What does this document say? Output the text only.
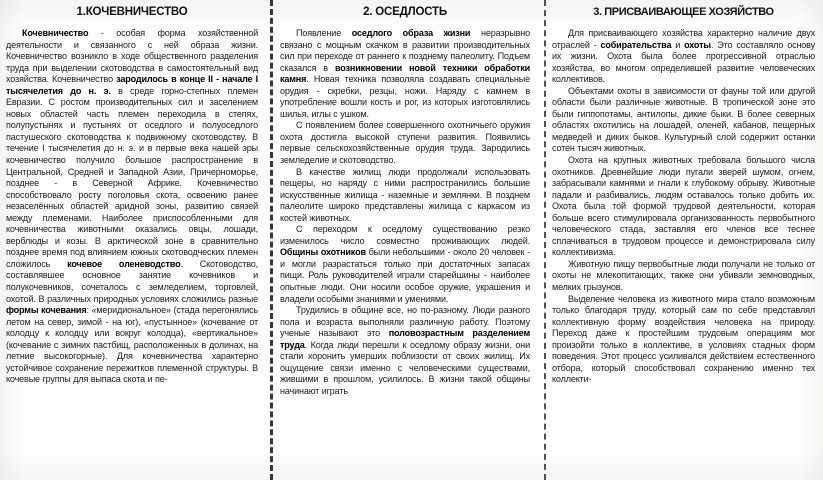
1.КОЧЕВНИЧЕСТВО

Кочевничество - особая форма хозяйственной деятельности и связанного с ней образа жизни. Кочевничество возникло в ходе общественного разделения труда при выделении скотоводства в самостоятельный вид хозяйства. Кочевничество зародилось в конце II - начале I тысячелетия до н. э. в среде горно-степных племен Евразии. С ростом производительных сил и заселением новых областей часть племен переходила в степях, полупустынях и пустынях от оседлого и полуоседлого пастушеского скотоводства к подвижному скотоводству. В течение I тысячелетия до н. э. и в первые века нашей эры кочевничество получило большое распространение в Центральной, Средней и Западной Азии, Причерноморье, позднее - в Северной Африке. Кочевничество способствовало росту поголовья скота, освоению ранее незаселённых областей аридной зоны, развитию связей между племенами. Наиболее приспособленными для кочевничества животными оказались овцы, лошади, верблюды и козы. В арктической зоне в сравнительно позднее время под влиянием южных скотоводческих племен сложилось кочевое оленеводство. Скотоводство, составлявшее основное занятие кочевников и полукочевников, сочеталось с земледелием, торговлей, охотой. В различных природных условиях сложились разные формы кочевания: «меридиональное» (стада перегонялись летом на север, зимой - на юг), «пустынное» (кочевание от колодцу к колодцу или вокруг колодца), «вертикальное» (кочевание с зимних пастбищ, расположенных в долинах, на летние высокогорные). Для кочевничества характерно устойчивое сохранение пережитков племенной структуры. В кочевые группы для выпаса скота и пе-

2. ОСЕДЛОСТЬ

Появление оседлого образа жизни неразрывно связано с мощным скачком в развитии производительных сил при переходе от раннего к позднему палеолиту. Подъем сказался в возникновении новой техники обработки камня. Новая техника позволяла создавать специальные орудия - скребки, резцы, ножи. Наряду с камнем в употребление вошли кость и рог, из которых изготовлялись шилья, иглы с ушком.

С появлением более совершенного охотничьего оружия охота достигла высокой ступени развития. Появились первые сельскохозяйственные орудия труда. Зародились земледелие и скотоводство.

В качестве жилищ люди продолжали использовать пещеры, но наряду с ними распространились большие искусственные жилища - наземные и землянки. В позднем палеолите широко представлены жилища с каркасом из костей животных.

С переходом к оседлому существованию резко изменилось число совместно проживающих людей. Общины охотников были небольшими - около 20 человек - и могли разрастаться только при достаточных запасах пищи. Роль руководителей играли старейшины - наиболее опытные люди. Они носили особое оружие, украшения и владели особыми знаниями и умениями.

Трудились в общине все, но по-разному. Люди разного пола и возраста выполняли различную работу. Поэтому ученые называют это половозрастным разделением труда. Когда люди перешли к оседлому образу жизни, они стали хоронить умерших поблизости от своих жилищ. Их ощущение связи именно с человеческими существами, жившими в прошлом, усилилось. В жизни такой общины начинают играть

3. ПРИСВАИВАЮЩЕЕ ХОЗЯЙСТВО

Для присваивающего хозяйства характерно наличие двух отраслей - собирательства и охоты. Это составляло основу их жизни. Охота была более прогрессивной отраслью хозяйства, во многом определившей развитие человеческих коллективов.

Объектами охоты в зависимости от фауны той или другой области были различные животные. В тропической зоне это были гиппопотамы, антилопы, дикие быки. В более северных областях охотились на лошадей, оленей, кабанов, пещерных медведей и диких быков. Культурный слой содержит останки сотен тысяч животных.

Охота на крупных животных требовала большого числа охотников. Древнейшие люди пугали зверей шумом, огнем, забрасывали камнями и гнали к глубокому обрыву. Животные падали и разбивались, людям оставалось только добить их. Охота была той формой трудовой деятельности, которая больше всего стимулировала организованность первобытного человеческого стада, заставляя его членов все теснее сплачиваться в трудовом процессе и демонстрировала силу коллективизма.

Животную пищу первобытные люди получали не только от охоты не млекопитающих, также они убивали земноводных, мелких грызунов.

Выделение человека из животного мира стало возможным только благодаря труду, который сам по себе представлял коллективную форму воздействия человека на природу. Переход даже к простейшим трудовым операциям мог произойти только в коллективе, в условиях стадных форм поведения. Этот процесс усиливался действием естественного отбора, который способствовал сохранению именно тех коллекти-
